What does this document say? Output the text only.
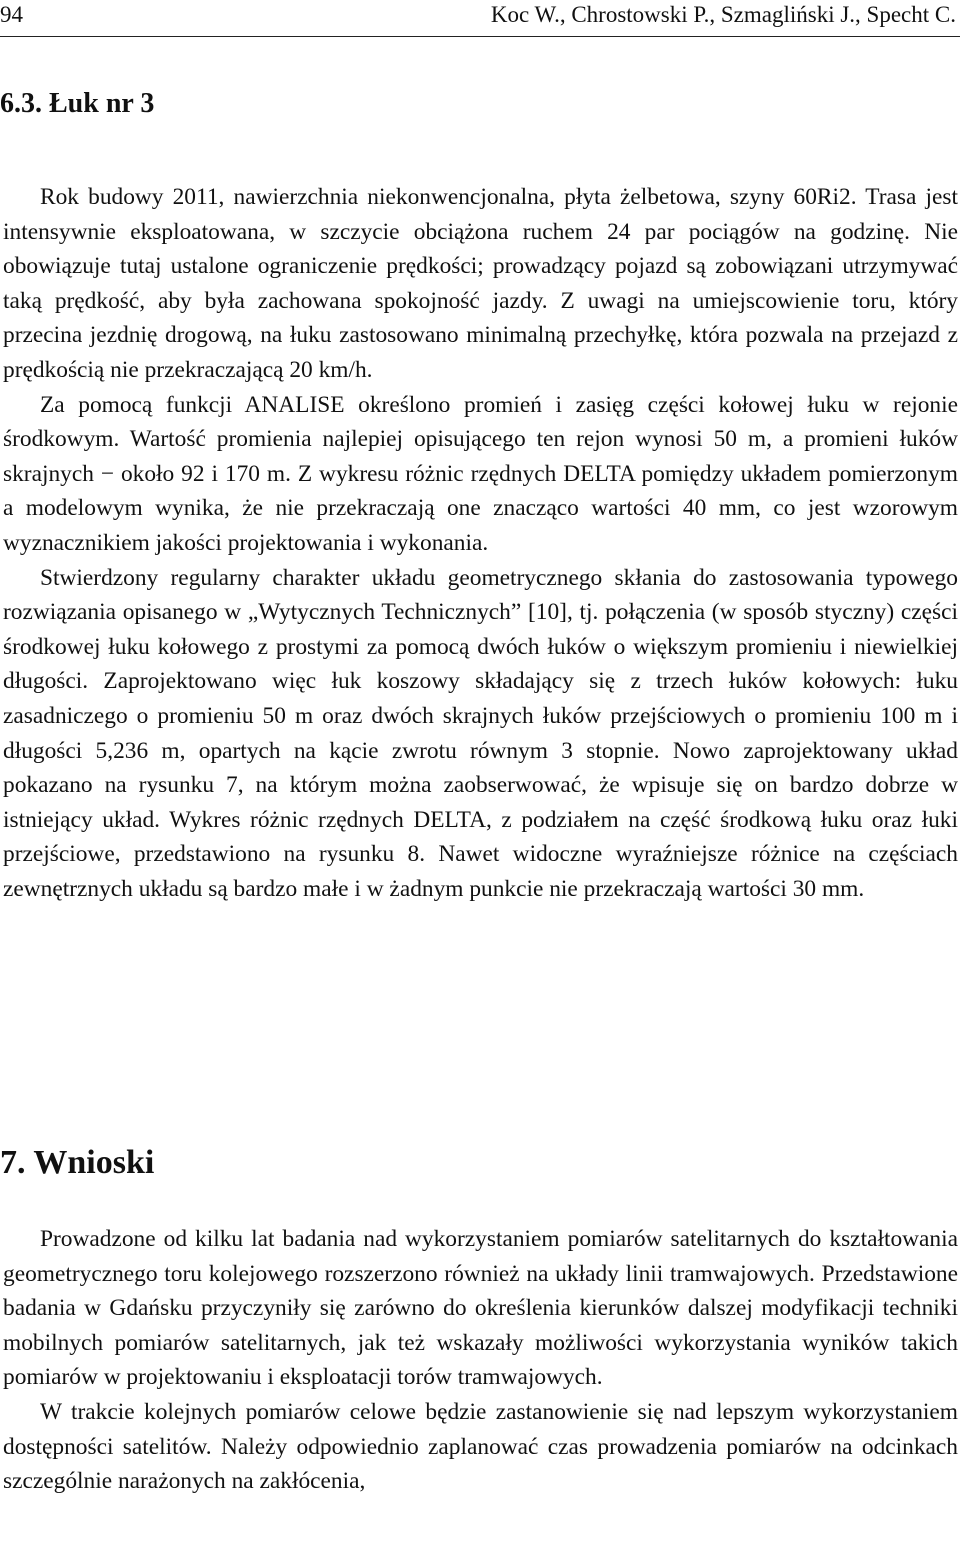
94	Koc W., Chrostowski P., Szmagliński J., Specht C.
6.3. Łuk nr 3

Rok budowy 2011, nawierzchnia niekonwencjonalna, płyta żelbetowa, szyny 60Ri2. Trasa jest intensywnie eksploatowana, w szczycie obciążona ruchem 24 par pociągów na godzinę. Nie obowiązuje tutaj ustalone ograniczenie prędkości; prowadzący pojazd są zobowiązani utrzymywać taką prędkość, aby była zachowana spokojność jazdy. Z uwagi na umiejscowienie toru, który przecina jezdnię drogową, na łuku zastosowano minimalną przechyłkę, która pozwala na przejazd z prędkością nie przekraczającą 20 km/h.

Za pomocą funkcji ANALISE określono promień i zasięg części kołowej łuku w rejonie środkowym. Wartość promienia najlepiej opisującego ten rejon wynosi 50 m, a promieni łuków skrajnych − około 92 i 170 m. Z wykresu różnic rzędnych DELTA pomiędzy układem pomierzonym a modelowym wynika, że nie przekraczają one znacząco wartości 40 mm, co jest wzorowym wyznacznikiem jakości projektowania i wykonania.

Stwierdzony regularny charakter układu geometrycznego skłania do zastosowania typowego rozwiązania opisanego w „Wytycznych Technicznych” [10], tj. połączenia (w sposób styczny) części środkowej łuku kołowego z prostymi za pomocą dwóch łuków o większym promieniu i niewielkiej długości. Zaprojektowano więc łuk koszowy składający się z trzech łuków kołowych: łuku zasadniczego o promieniu 50 m oraz dwóch skrajnych łuków przejściowych o promieniu 100 m i długości 5,236 m, opartych na kącie zwrotu równym 3 stopnie. Nowo zaprojektowany układ pokazano na rysunku 7, na którym można zaobserwować, że wpisuje się on bardzo dobrze w istniejący układ. Wykres różnic rzędnych DELTA, z podziałem na część środkową łuku oraz łuki przejściowe, przedstawiono na rysunku 8. Nawet widoczne wyraźniejsze różnice na częściach zewnętrznych układu są bardzo małe i w żadnym punkcie nie przekraczają wartości 30 mm.

7. Wnioski

Prowadzone od kilku lat badania nad wykorzystaniem pomiarów satelitarnych do kształtowania geometrycznego toru kolejowego rozszerzono również na układy linii tramwajowych. Przedstawione badania w Gdańsku przyczyniły się zarówno do określenia kierunków dalszej modyfikacji techniki mobilnych pomiarów satelitarnych, jak też wskazały możliwości wykorzystania wyników takich pomiarów w projektowaniu i eksploatacji torów tramwajowych.

W trakcie kolejnych pomiarów celowe będzie zastanowienie się nad lepszym wykorzystaniem dostępności satelitów. Należy odpowiednio zaplanować czas prowadzenia pomiarów na odcinkach szczególnie narażonych na zakłócenia,
